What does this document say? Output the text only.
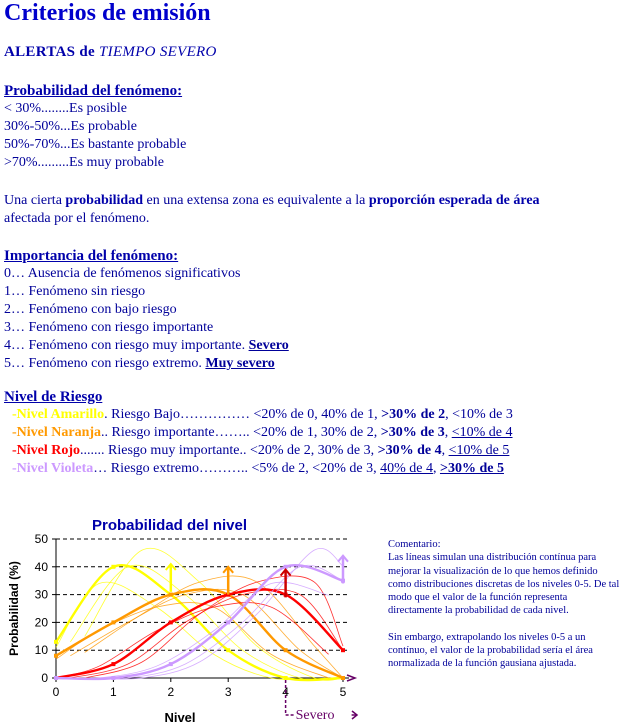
Criterios de emisión
ALERTAS de TIEMPO SEVERO
Probabilidad del fenómeno:
< 30%........Es posible
30%-50%...Es probable
50%-70%...Es bastante probable
>70%.........Es muy probable
Una cierta probabilidad en una extensa zona es equivalente a la proporción esperada de área
afectada por el fenómeno.
Importancia del fenómeno:
0… Ausencia de fenómenos significativos
1… Fenómeno sin riesgo
2… Fenómeno con bajo riesgo
3… Fenómeno con riesgo importante
4… Fenómeno con riesgo muy importante. Severo
5… Fenómeno con riesgo extremo. Muy severo
Nivel de Riesgo
-Nivel Amarillo. Riesgo Bajo…………… <20% de 0, 40% de 1, >30% de 2, <10% de 3
-Nivel Naranja.. Riesgo importante…….. <20% de 1, 30% de 2, >30% de 3, <10% de 4
-Nivel Rojo....... Riesgo muy importante.. <20% de 2, 30% de 3, >30% de 4, <10% de 5
-Nivel Violeta… Riesgo extremo……….. <5% de 2, <20% de 3, 40% de 4, >30% de 5
Probabilidad del nivel
0
10
20
30
40
50
0	1	2	3	4	5
Nivel
Probabilidad (%)
Severo
Comentario:
Las líneas simulan una distribución contínua para mejorar la visualización de lo que hemos definido como distribuciones discretas de los niveles 0-5. De tal modo que el valor de la función representa directamente la probabilidad de cada nivel.
Sin embargo, extrapolando los niveles 0-5 a un contínuo, el valor de la probabilidad sería el área normalizada de la función gausiana ajustada.
